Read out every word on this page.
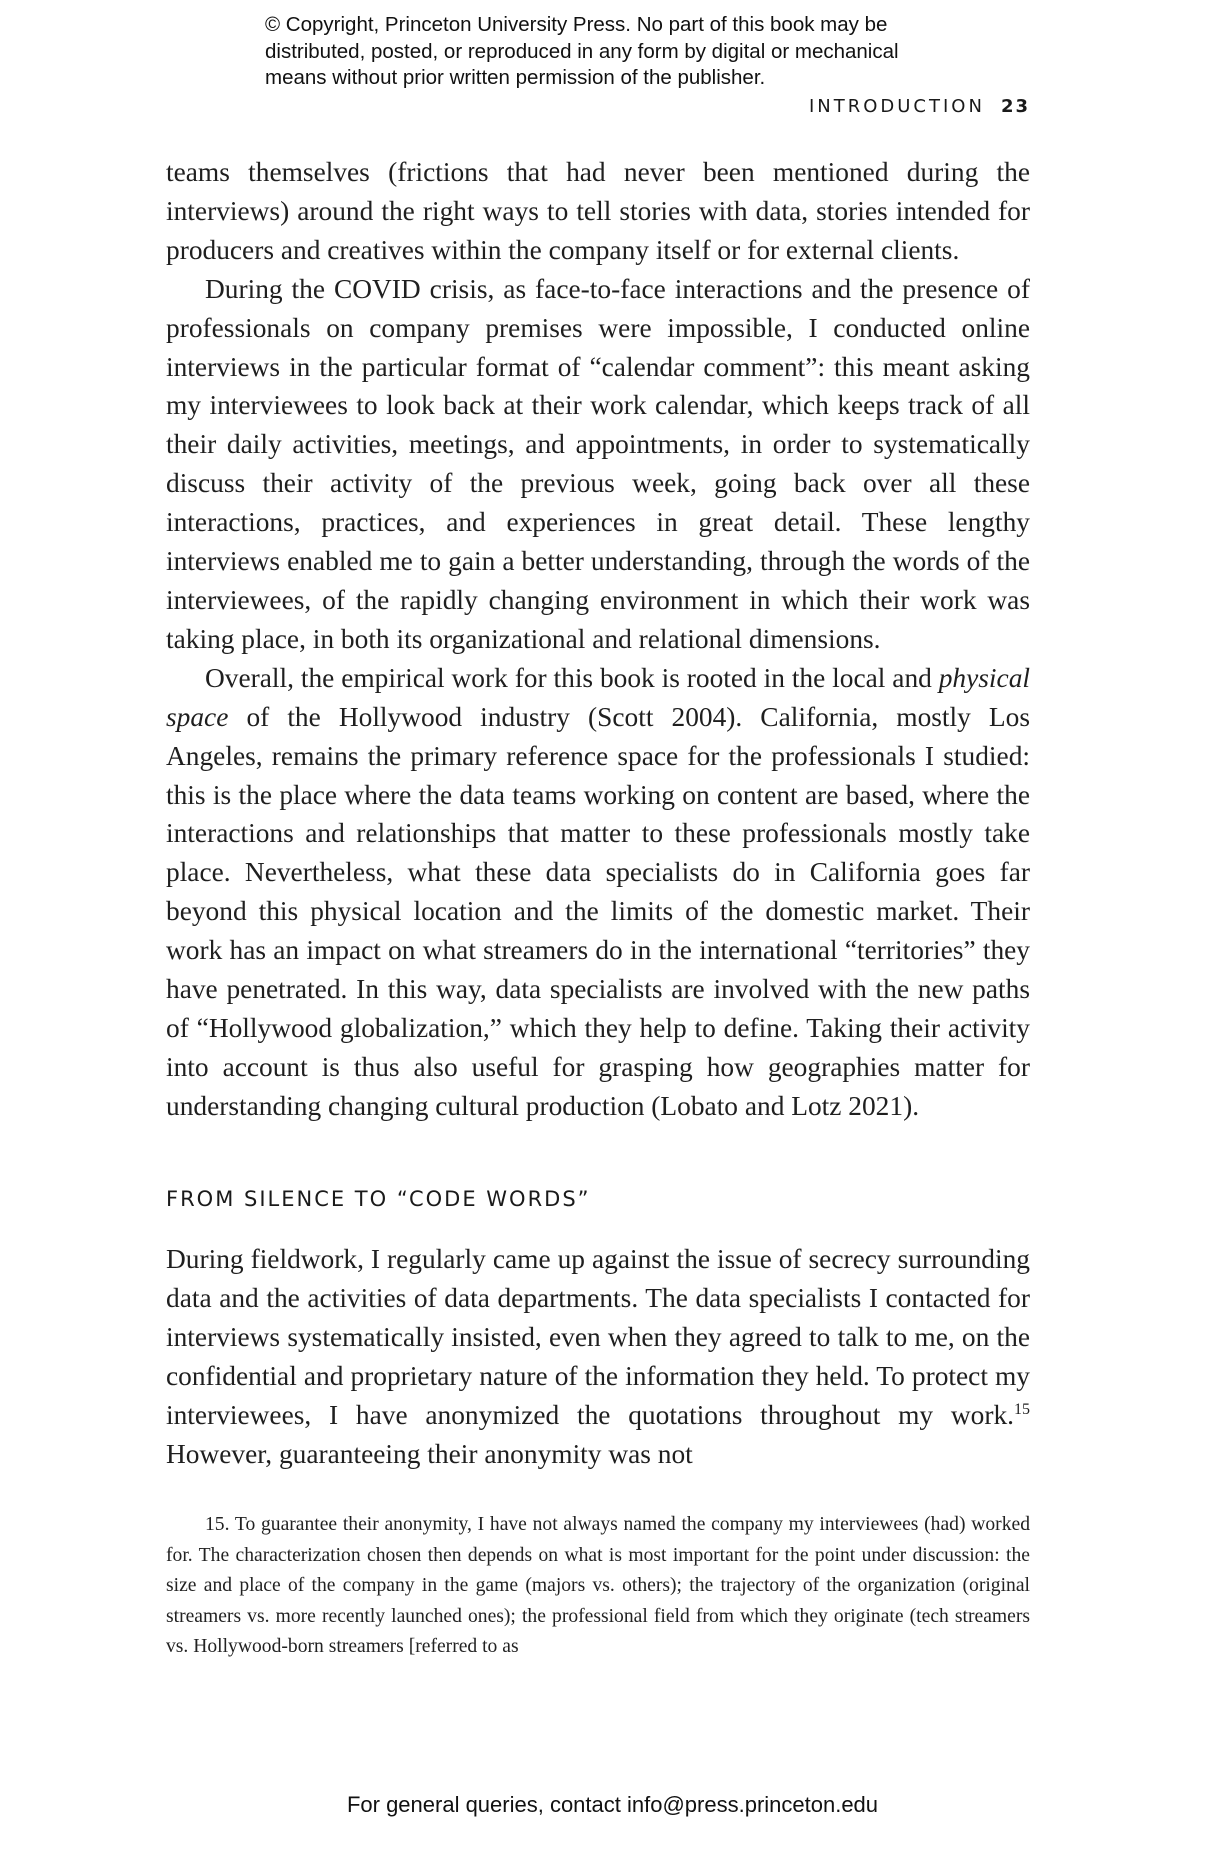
© Copyright, Princeton University Press. No part of this book may be

distributed, posted, or reproduced in any form by digital or mechanical

means without prior written permission of the publisher.

INTRODUCTION 23

teams themselves (frictions that had never been mentioned during the interviews) around the right ways to tell stories with data, stories intended for producers and creatives within the company itself or for external clients.

During the COVID crisis, as face-to-face interactions and the presence of professionals on company premises were impossible, I conducted online interviews in the particular format of “calendar comment”: this meant asking my interviewees to look back at their work calendar, which keeps track of all their daily activities, meetings, and appointments, in order to systematically discuss their activity of the previous week, going back over all these interactions, practices, and experiences in great detail. These lengthy interviews enabled me to gain a better understanding, through the words of the interviewees, of the rapidly changing environment in which their work was taking place, in both its organizational and relational dimensions.

Overall, the empirical work for this book is rooted in the local and physical space of the Hollywood industry (Scott 2004). California, mostly Los Angeles, remains the primary reference space for the professionals I studied: this is the place where the data teams working on content are based, where the interactions and relationships that matter to these professionals mostly take place. Nevertheless, what these data specialists do in California goes far beyond this physical location and the limits of the domestic market. Their work has an impact on what streamers do in the international “territories” they have penetrated. In this way, data specialists are involved with the new paths of “Hollywood globalization,” which they help to define. Taking their activity into account is thus also useful for grasping how geographies matter for understanding changing cultural production (Lobato and Lotz 2021).

FROM SILENCE TO “CODE WORDS”

During fieldwork, I regularly came up against the issue of secrecy surrounding data and the activities of data departments. The data specialists I contacted for interviews systematically insisted, even when they agreed to talk to me, on the confidential and proprietary nature of the information they held. To protect my interviewees, I have anonymized the quotations throughout my work.$^{15}$ However, guaranteeing their anonymity was not

15. To guarantee their anonymity, I have not always named the company my interviewees (had) worked for. The characterization chosen then depends on what is most important for the point under discussion: the size and place of the company in the game (majors vs. others); the trajectory of the organization (original streamers vs. more recently launched ones); the professional field from which they originate (tech streamers vs. Hollywood-born streamers [referred to as

For general queries, contact info@press.princeton.edu
